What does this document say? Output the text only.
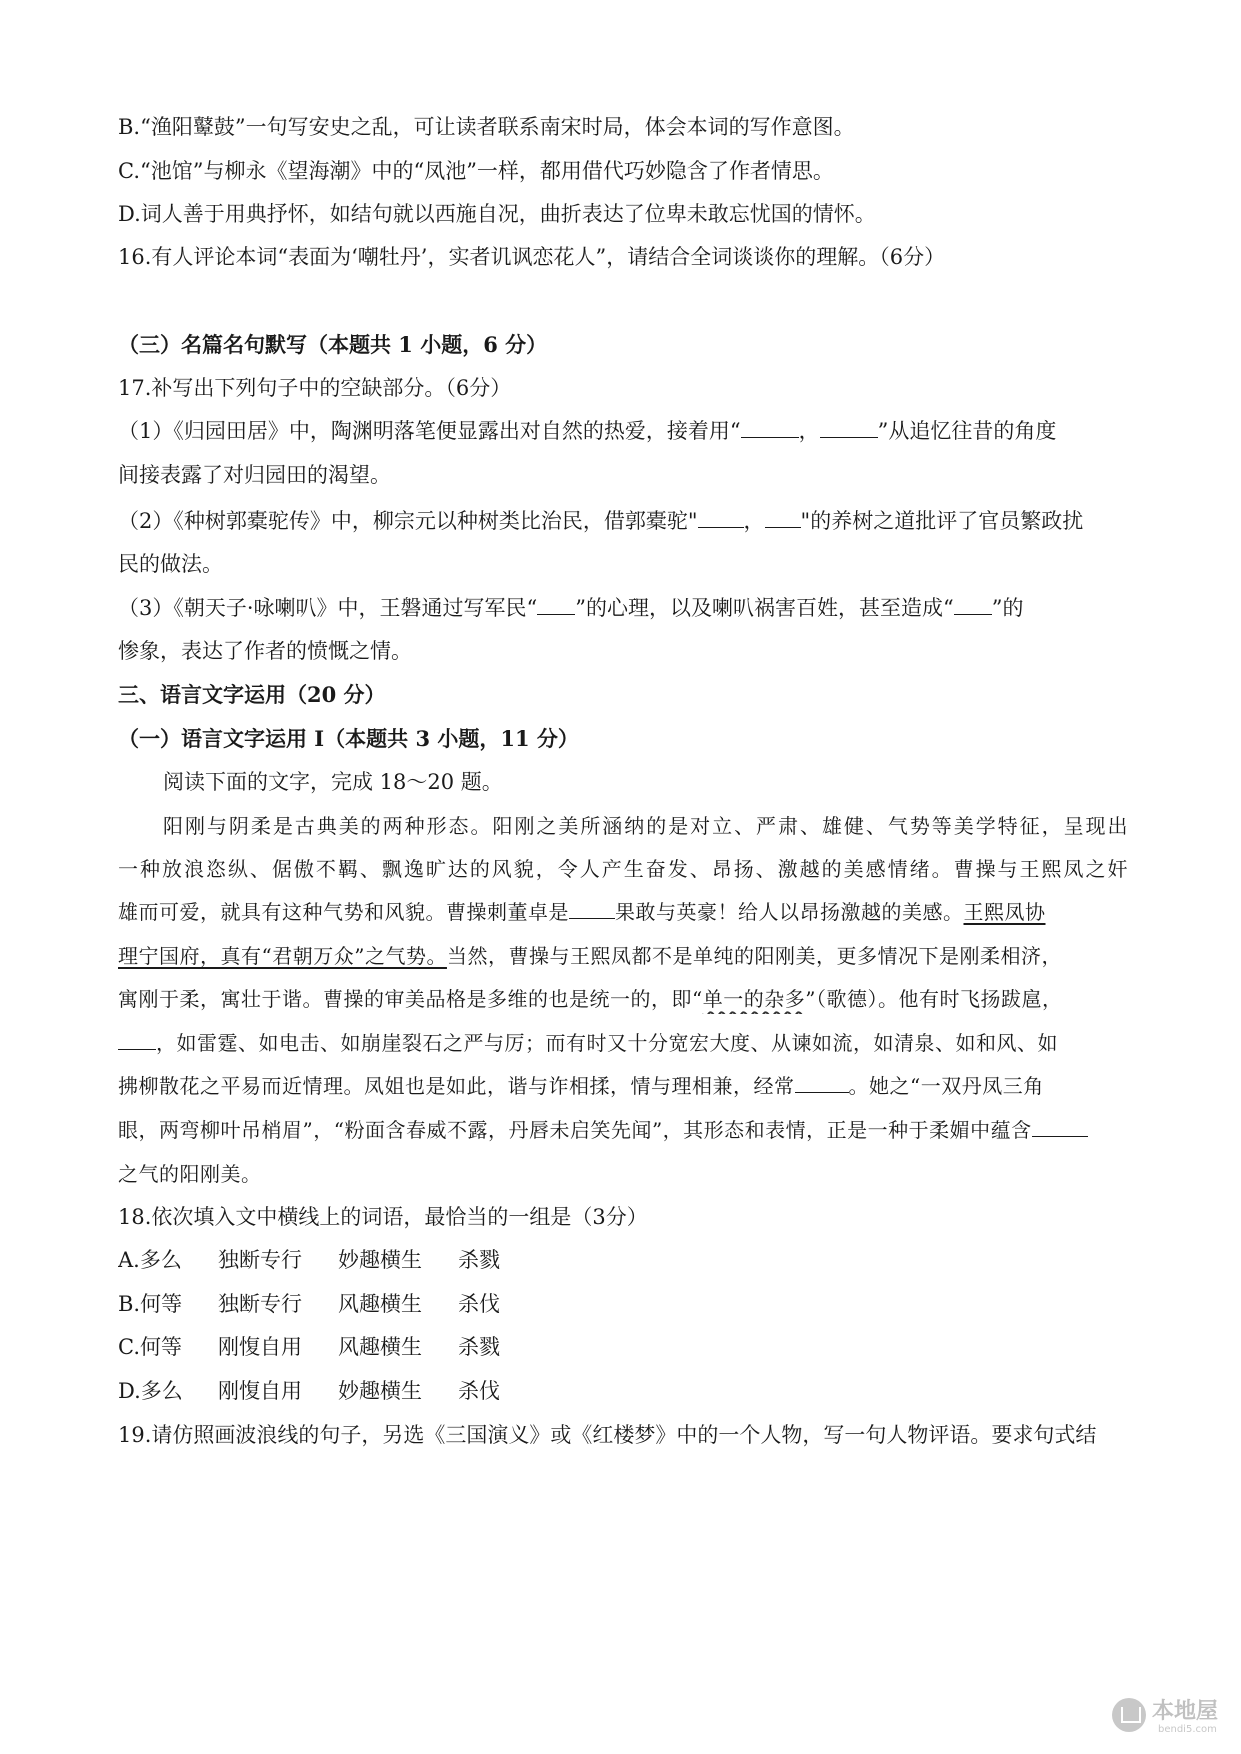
B.“渔阳鼙鼓”一句写安史之乱，可让读者联系南宋时局，体会本词的写作意图。
C.“池馆”与柳永《望海潮》中的“凤池”一样，都用借代巧妙隐含了作者情思。
D.词人善于用典抒怀，如结句就以西施自况，曲折表达了位卑未敢忘忧国的情怀。
16.有人评论本词“表面为‘嘲牡丹’，实者讥讽恋花人”，请结合全词谈谈你的理解。（6分）
（三）名篇名句默写（本题共 1 小题，6 分）
17.补写出下列句子中的空缺部分。（6分）
（1）《归园田居》中，陶渊明落笔便显露出对自然的热爱，接着用“	，	”从追忆往昔的角度
间接表露了对归园田的渴望。
（2）《种树郭橐驼传》中，柳宗元以种树类比治民，借郭橐驼" ， "的养树之道批评了官员繁政扰
民的做法。
（3）《朝天子·咏喇叭》中，王磐通过写军民“ ”的心理，以及喇叭祸害百姓，甚至造成“ ”的
惨象，表达了作者的愤慨之情。
三、语言文字运用（20 分）
（一）语言文字运用 I（本题共 3 小题，11 分）
阅读下面的文字，完成 18～20 题。
阳刚与阴柔是古典美的两种形态。阳刚之美所涵纳的是对立、严肃、雄健、气势等美学特征，呈现出
一种放浪恣纵、倨傲不羁、飘逸旷达的风貌，令人产生奋发、昂扬、激越的美感情绪。曹操与王熙凤之奸
雄而可爱，就具有这种气势和风貌。曹操刺董卓是 果敢与英豪！给人以昂扬激越的美感。王熙凤协
理宁国府，真有“君朝万众”之气势。当然，曹操与王熙凤都不是单纯的阳刚美，更多情况下是刚柔相济，
寓刚于柔，寓壮于谐。曹操的审美品格是多维的也是统一的，即“单一的杂多”（歌德）。他有时飞扬跋扈，
，如雷霆、如电击、如崩崖裂石之严与厉；而有时又十分宽宏大度、从谏如流，如清泉、如和风、如
拂柳散花之平易而近情理。凤姐也是如此，谐与诈相揉，情与理相兼，经常	。她之“一双丹凤三角
眼，两弯柳叶吊梢眉”，“粉面含春威不露，丹唇未启笑先闻”，其形态和表情，正是一种于柔媚中蕴含
之气的阳刚美。
18.依次填入文中横线上的词语，最恰当的一组是（3分）
A.多么 独断专行 妙趣横生 杀戮
B.何等 独断专行 风趣横生 杀伐
C.何等 刚愎自用 风趣横生 杀戮
D.多么 刚愎自用 妙趣横生 杀伐
19.请仿照画波浪线的句子，另选《三国演义》或《红楼梦》中的一个人物，写一句人物评语。要求句式结
本地屋
bendi5.com
